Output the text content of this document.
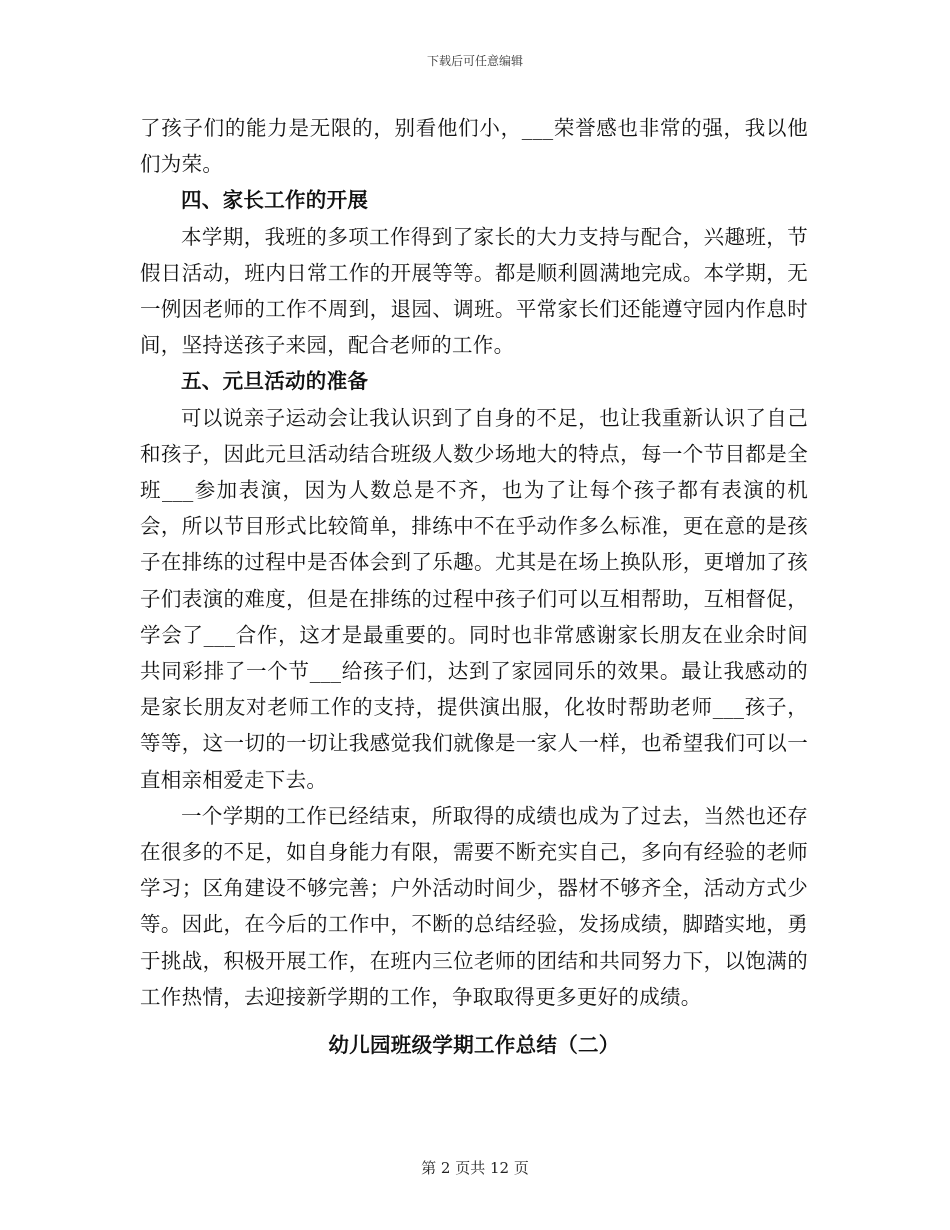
下载后可任意编辑

了孩子们的能力是无限的，别看他们小，___荣誉感也非常的强，我以他们为荣。

四、家长工作的开展

本学期，我班的多项工作得到了家长的大力支持与配合，兴趣班，节假日活动，班内日常工作的开展等等。都是顺利圆满地完成。本学期，无一例因老师的工作不周到，退园、调班。平常家长们还能遵守园内作息时间，坚持送孩子来园，配合老师的工作。

五、元旦活动的准备

可以说亲子运动会让我认识到了自身的不足，也让我重新认识了自己和孩子，因此元旦活动结合班级人数少场地大的特点，每一个节目都是全班___参加表演，因为人数总是不齐，也为了让每个孩子都有表演的机会，所以节目形式比较简单，排练中不在乎动作多么标准，更在意的是孩子在排练的过程中是否体会到了乐趣。尤其是在场上换队形，更增加了孩子们表演的难度，但是在排练的过程中孩子们可以互相帮助，互相督促，学会了___合作，这才是最重要的。同时也非常感谢家长朋友在业余时间共同彩排了一个节___给孩子们，达到了家园同乐的效果。最让我感动的是家长朋友对老师工作的支持，提供演出服，化妆时帮助老师___孩子，等等，这一切的一切让我感觉我们就像是一家人一样，也希望我们可以一直相亲相爱走下去。

一个学期的工作已经结束，所取得的成绩也成为了过去，当然也还存在很多的不足，如自身能力有限，需要不断充实自己，多向有经验的老师学习；区角建设不够完善；户外活动时间少，器材不够齐全，活动方式少等。因此，在今后的工作中，不断的总结经验，发扬成绩，脚踏实地，勇于挑战，积极开展工作，在班内三位老师的团结和共同努力下，以饱满的工作热情，去迎接新学期的工作，争取取得更多更好的成绩。

幼儿园班级学期工作总结（二）

第 2 页共 12 页
